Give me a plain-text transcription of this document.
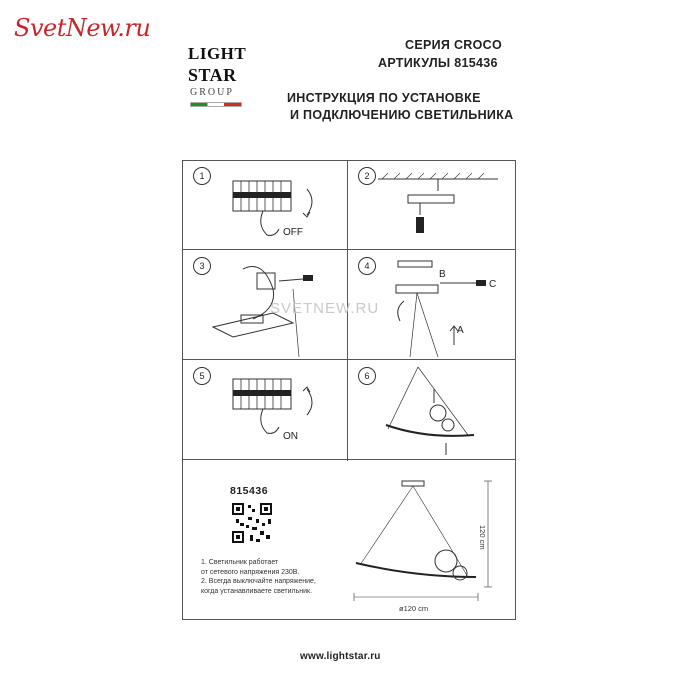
SvetNew.ru
LIGHT
STAR
GROUP
СЕРИЯ CROCO
АРТИКУЛЫ 815436
ИНСТРУКЦИЯ ПО УСТАНОВКЕ
И ПОДКЛЮЧЕНИЮ СВЕТИЛЬНИКА
1	2
3	4
5	6
OFF
B
C
A
ON
815436
120 cm
ø120 cm
SVETNEW.RU
1. Светильник работает
от сетевого напряжения 230В.
2. Всегда выключайте напряжение,
когда устанавливаете светильник.
www.lightstar.ru
